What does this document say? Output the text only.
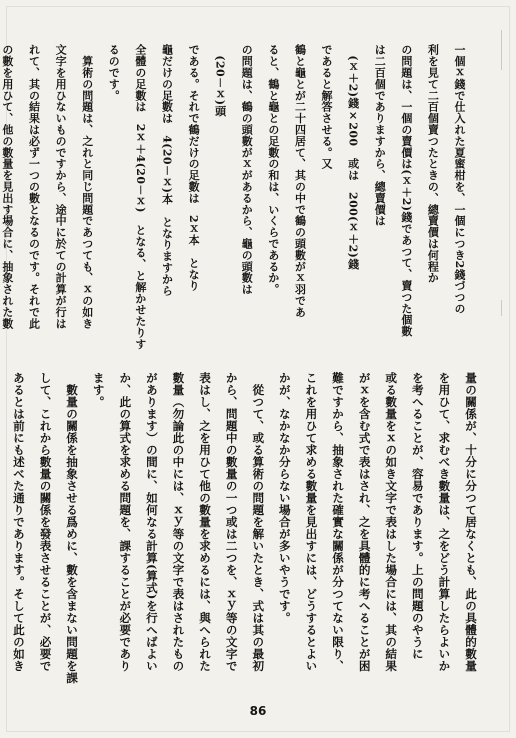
一個ｘ錢で仕入れた夏蜜柑を、一個につき2錢づつの
利を見て二百個賣つたときの、總賣價は何程か
の問題は、一個の賣價は(ｘ＋2)錢であつて、賣つた個數
は二百個でありますから、總賣價は
　(ｘ＋2)錢×200　或は　200(ｘ＋2)錢
であると解答させる。又
鶴と龜とが二十四居て、其の中で鶴の頭數がｘ羽であ
ると、鶴と龜との足數の和は、いくらであるか。
の問題は、鶴の頭數がｘがあるから、龜の頭數は
　(20－ｘ)頭
である。それで鶴だけの足數は　2ｘ本　となり
龜だけの足數は　4(20－ｘ)本　となりますから
全體の足數は　2ｘ＋4(20－ｘ)　となる、と解かせたりす
るのです。
　算術の問題は、之れと同じ問題であつても、ｘの如き
文字を用ひないものですから、途中に於ての計算が行は
れて、其の結果は必ず一つの數となるのです。それで此
の數を用ひて、他の數量を見出す場合に、抽象された數
量の關係が、十分に分つて居なくとも、此の具體的數量
を用ひて、求むべき數量は、之をどう計算したらよいか
を考へることが、容易であります。上の問題のやうに
或る數量をｘの如き文字で表はした場合には、其の結果
がｘを含む式で表はされ、之を具體的に考へることが困
難ですから、抽象された確實な關係が分つてない限り、
これを用ひて求める數量を見出すには、どうするとよい
かが、なかなか分らない場合が多いやうです。
　從つて、或る算術の問題を解いたとき、式は其の最初
から、問題中の數量の一つ或は二つを、ｘｙ等の文字で
表はし、之を用ひて他の數量を求めるには、與へられた
數量（勿論此の中には、ｘｙ等の文字で表はされたもの
があります）の間に、如何なる計算(算式)を行へばよい
か、此の算式を求める問題を、課することが必要であり
ます。
　數量の關係を抽象させる爲めに、數を含まない問題を課
して、これから數量の關係を發表させることが、必要で
あるとは前にも述べた通りであります。そして此の如き
86
